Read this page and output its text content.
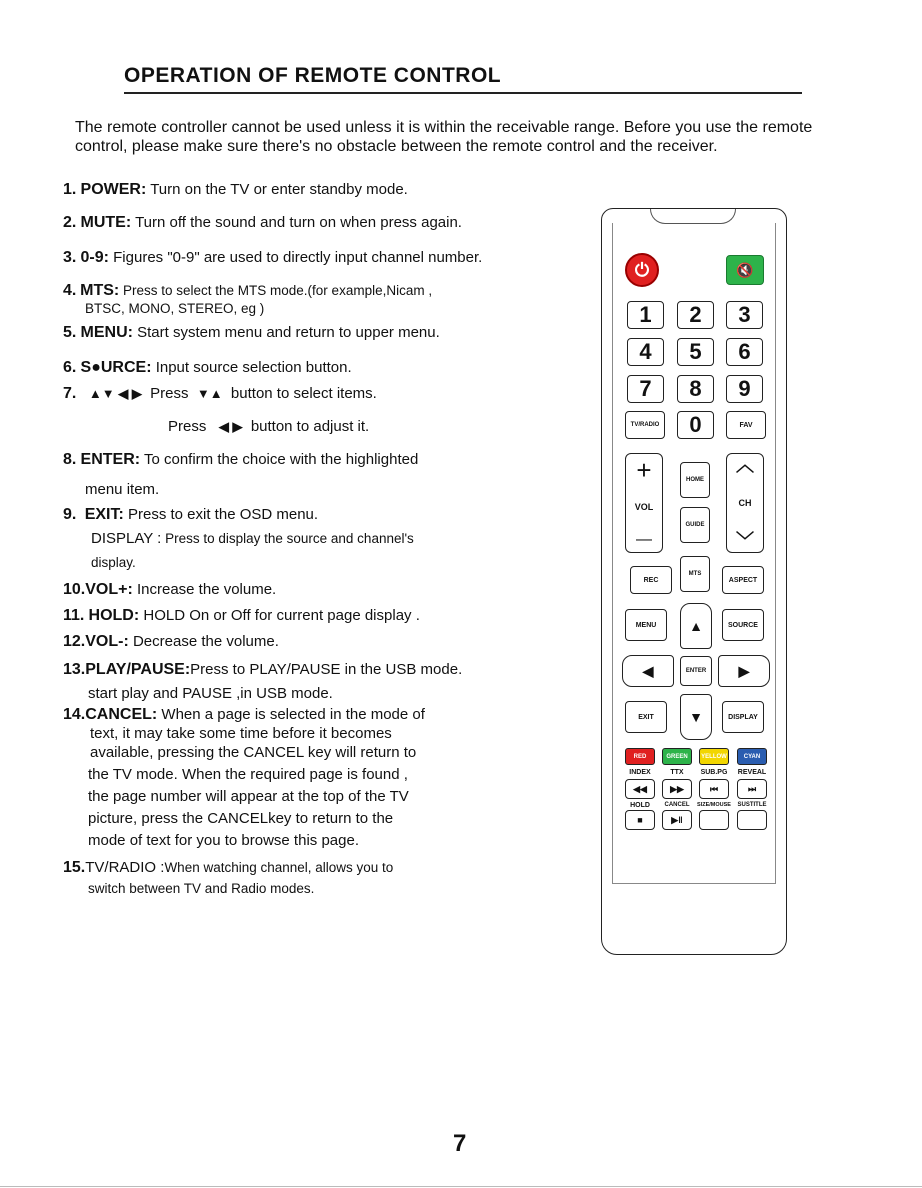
OPERATION OF REMOTE CONTROL
The remote controller cannot be used unless it is within the receivable range. Before you use the remote
control, please make sure there's no obstacle between the remote control and the receiver.
1. POWER: Turn on the TV or enter standby mode.
2. MUTE: Turn off the sound and turn on when press again.
3. 0-9: Figures "0-9" are used to directly input channel number.
4. MTS: Press to select the MTS mode.(for example,Nicam ,
BTSC, MONO, STEREO, eg )
5. MENU: Start system menu and return to upper menu.
6. S●URCE: Input source selection button.
7. ▲▼ ◀ ▶ Press ▼▲ button to select items.
Press ◀ ▶ button to adjust it.
8. ENTER: To confirm the choice with the highlighted
menu item.
9. EXIT: Press to exit the OSD menu.
DISPLAY : Press to display the source and channel's
display.
10.VOL+: Increase the volume.
11. HOLD: HOLD On or Off for current page display .
12.VOL-: Decrease the volume.
13.PLAY/PAUSE:Press to PLAY/PAUSE in the USB mode.
start play and PAUSE ,in USB mode.
14.CANCEL: When a page is selected in the mode of
text, it may take some time before it becomes
available, pressing the CANCEL key will return to
the TV mode. When the required page is found ,
the page number will appear at the top of the TV
picture, press the CANCELkey to return to the
mode of text for you to browse this page.
15.TV/RADIO :When watching channel, allows you to
switch between TV and Radio modes.
⏻	🔇
1	2	3
4	5	6
7	8	9
TV/RADIO	0	FAV
+
VOL
—
︿
CH
﹀
HOME
GUIDE
REC
MTS
ASPECT
MENU	SOURCE
▲
◀	ENTER	▶
EXIT	▼	DISPLAY
RED	GREEN	YELLOW	CYAN
INDEX	TTX	SUB.PG	REVEAL
◀◀	▶▶	⏮	⏭
HOLD	CANCEL	SIZE/MOUSE	SUSTITLE
■	▶‖
7
